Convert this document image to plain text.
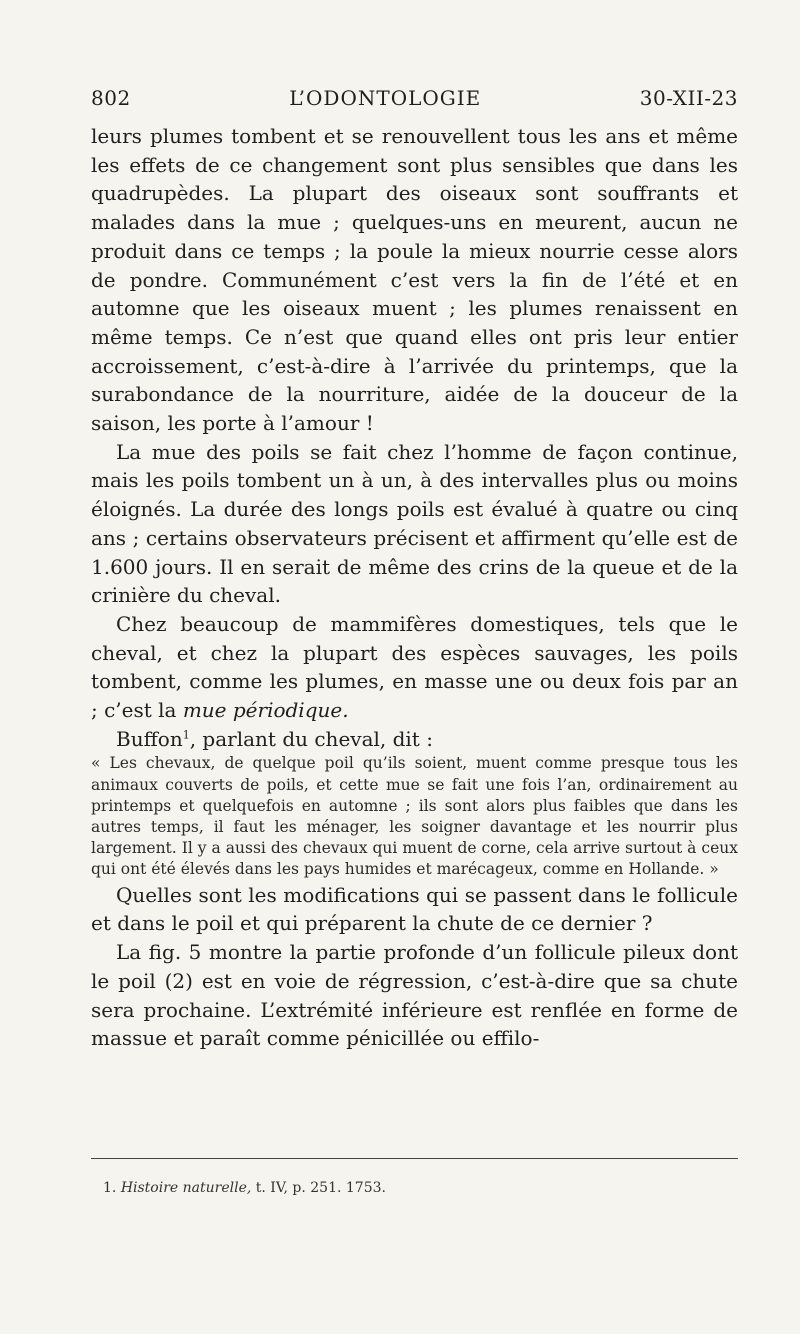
802	L’ODONTOLOGIE	30-XII-23

leurs plumes tombent et se renouvellent tous les ans et même les effets de ce changement sont plus sensibles que dans les quadrupèdes. La plupart des oiseaux sont souffrants et malades dans la mue ; quelques-uns en meurent, aucun ne produit dans ce temps ; la poule la mieux nourrie cesse alors de pondre. Communément c’est vers la fin de l’été et en automne que les oiseaux muent ; les plumes renaissent en même temps. Ce n’est que quand elles ont pris leur entier accroissement, c’est-à-dire à l’arrivée du printemps, que la surabondance de la nourriture, aidée de la douceur de la saison, les porte à l’amour !

La mue des poils se fait chez l’homme de façon continue, mais les poils tombent un à un, à des intervalles plus ou moins éloignés. La durée des longs poils est évalué à quatre ou cinq ans ; certains observateurs précisent et affirment qu’elle est de 1.600 jours. Il en serait de même des crins de la queue et de la crinière du cheval.

Chez beaucoup de mammifères domestiques, tels que le cheval, et chez la plupart des espèces sauvages, les poils tombent, comme les plumes, en masse une ou deux fois par an ; c’est la mue périodique.

Buffon$^1$, parlant du cheval, dit :

« Les chevaux, de quelque poil qu’ils soient, muent comme presque tous les animaux couverts de poils, et cette mue se fait une fois l’an, ordinairement au printemps et quelquefois en automne ; ils sont alors plus faibles que dans les autres temps, il faut les ménager, les soigner davantage et les nourrir plus largement. Il y a aussi des chevaux qui muent de corne, cela arrive surtout à ceux qui ont été élevés dans les pays humides et marécageux, comme en Hollande. »

Quelles sont les modifications qui se passent dans le follicule et dans le poil et qui préparent la chute de ce dernier ?

La fig. 5 montre la partie profonde d’un follicule pileux dont le poil (2) est en voie de régression, c’est-à-dire que sa chute sera prochaine. L’extrémité inférieure est renflée en forme de massue et paraît comme pénicillée ou effilo-

1. Histoire naturelle, t. IV, p. 251. 1753.
